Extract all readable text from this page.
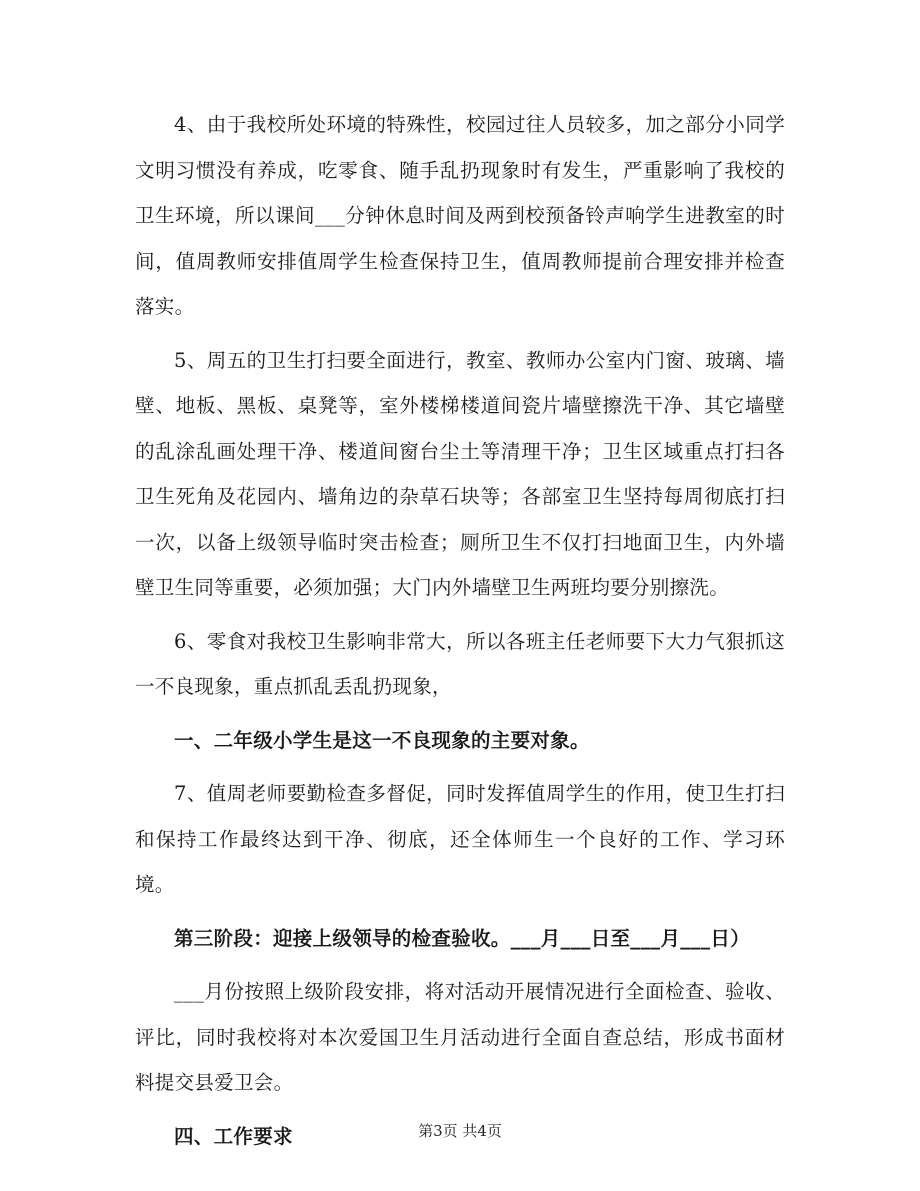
4、由于我校所处环境的特殊性，校园过往人员较多，加之部分小同学文明习惯没有养成，吃零食、随手乱扔现象时有发生，严重影响了我校的卫生环境，所以课间___分钟休息时间及两到校预备铃声响学生进教室的时间，值周教师安排值周学生检查保持卫生，值周教师提前合理安排并检查落实。

5、周五的卫生打扫要全面进行，教室、教师办公室内门窗、玻璃、墙壁、地板、黑板、桌凳等，室外楼梯楼道间瓷片墙壁擦洗干净、其它墙壁的乱涂乱画处理干净、楼道间窗台尘土等清理干净；卫生区域重点打扫各卫生死角及花园内、墙角边的杂草石块等；各部室卫生坚持每周彻底打扫一次，以备上级领导临时突击检查；厕所卫生不仅打扫地面卫生，内外墙壁卫生同等重要，必须加强；大门内外墙壁卫生两班均要分别擦洗。

6、零食对我校卫生影响非常大，所以各班主任老师要下大力气狠抓这一不良现象，重点抓乱丢乱扔现象，

一、二年级小学生是这一不良现象的主要对象。

7、值周老师要勤检查多督促，同时发挥值周学生的作用，使卫生打扫和保持工作最终达到干净、彻底，还全体师生一个良好的工作、学习环境。

第三阶段：迎接上级领导的检查验收。___月___日至___月___日）

___月份按照上级阶段安排，将对活动开展情况进行全面检查、验收、评比，同时我校将对本次爱国卫生月活动进行全面自查总结，形成书面材料提交县爱卫会。

四、工作要求	第3页 共4页
